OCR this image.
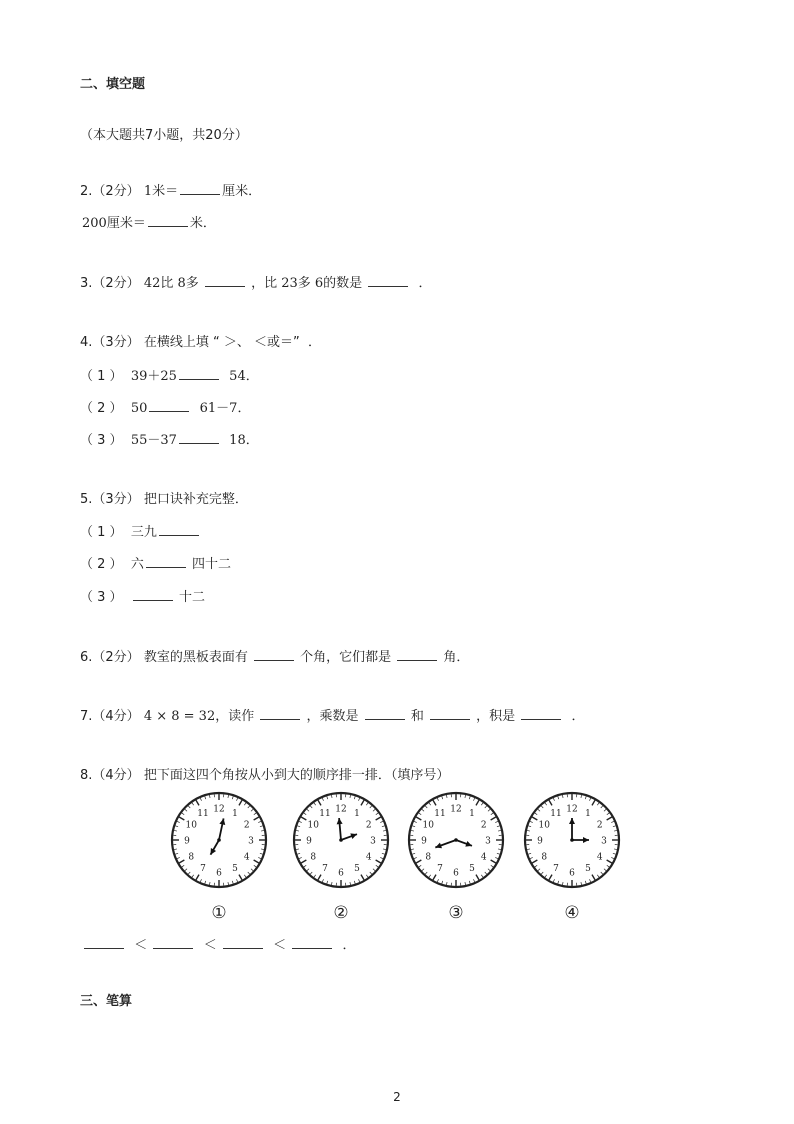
二、填空题
（本大题共7小题，共20分）
2.（2分） 1米＝	厘米．
200厘米＝	米．
3.（2分） 42比 8多	，比 23多 6的数是	．
4.（3分） 在横线上填 “ ＞、 ＜或＝”  ．
（ 1 ） 39＋25	54．
（ 2 ） 50	61－7．
（ 3 ） 55－37	18．
5.（3分） 把口诀补充完整．
（ 1 ） 三九
（ 2 ） 六	四十二
（ 3 ）	十二
6.（2分） 教室的黑板表面有	个角，它们都是	角．
7.（4分） 4 × 8 = 32，读作	，乘数是	和	，积是	．
8.（4分） 把下面这四个角按从小到大的顺序排一排．（填序号）
12 1
2
3
4
5
6
7
8
9
10
11	12 1
2
3
4
5
6
7
8
9
10
11	12 1
2
3
4
5
6
7
8
9
10
11	12 1
2
3
4
5
6
7
8
9
10
11
①	②	③	④
＜	＜	＜	．
三、笔算
2
